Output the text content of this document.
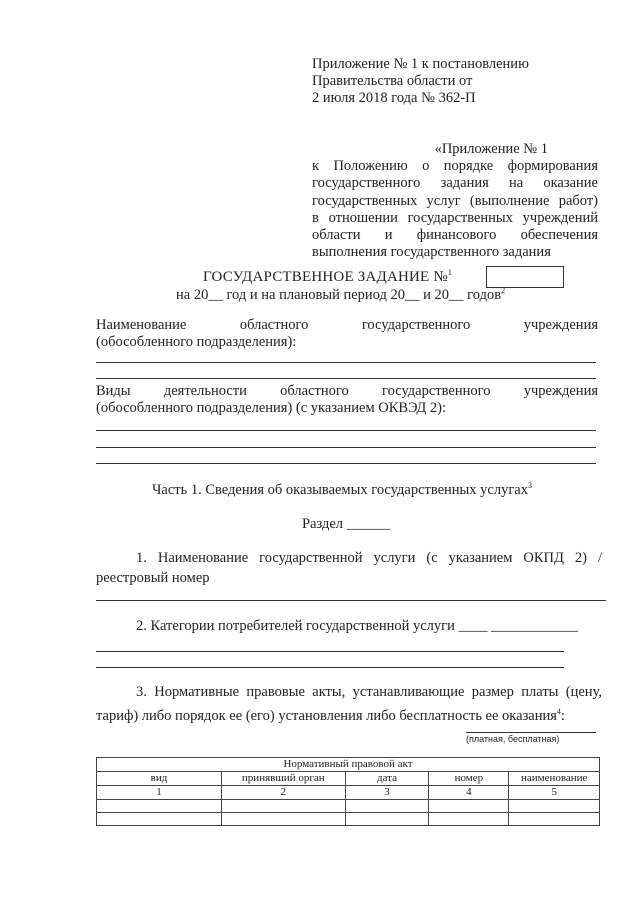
Приложение № 1 к постановлению
Правительства области от
2 июля 2018 года № 362-П
«Приложение № 1
к Положению о порядке формирования
государственного задания на оказание
государственных услуг (выполнение работ)
в отношении государственных учреждений
области и финансового обеспечения
выполнения государственного задания
ГОСУДАРСТВЕННОЕ ЗАДАНИЕ №$^1$
на 20__ год и на плановый период 20__ и 20__ годов$^2$
Наименование областного государственного учреждения
(обособленного подразделения):
Виды деятельности областного государственного учреждения
(обособленного подразделения) (с указанием ОКВЭД 2):
Часть 1. Сведения об оказываемых государственных услугах$^3$
Раздел ______
1. Наименование государственной услуги (с указанием ОКПД 2) /
реестровый номер
2. Категории потребителей государственной услуги ____ ____________
3. Нормативные правовые акты, устанавливающие размер платы (цену,
тариф) либо порядок ее (его) установления либо бесплатность ее оказания$^4$:
(платная, бесплатная)
Нормативный правовой акт				
вид	принявший орган	дата	номер	наименование
1	2	3	4	5
